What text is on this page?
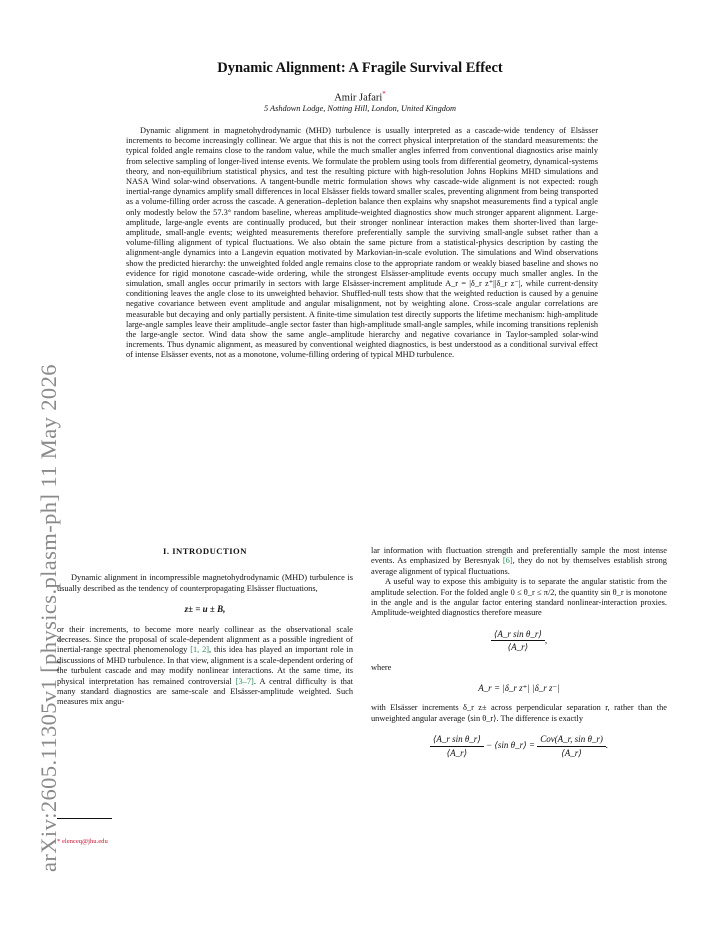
arXiv:2605.11305v1 [physics.plasm-ph] 11 May 2026
Dynamic Alignment: A Fragile Survival Effect
Amir Jafari*
5 Ashdown Lodge, Notting Hill, London, United Kingdom

Dynamic alignment in magnetohydrodynamic (MHD) turbulence is usually interpreted as a cascade-wide tendency of Elsässer increments to become increasingly collinear. We argue that this is not the correct physical interpretation of the standard measurements: the typical folded angle remains close to the random value, while the much smaller angles inferred from conventional diagnostics arise mainly from selective sampling of longer-lived intense events. We formulate the problem using tools from differential geometry, dynamical-systems theory, and non-equilibrium statistical physics, and test the resulting picture with high-resolution Johns Hopkins MHD simulations and NASA Wind solar-wind observations. A tangent-bundle metric formulation shows why cascade-wide alignment is not expected: rough inertial-range dynamics amplify small differences in local Elsässer fields toward smaller scales, preventing alignment from being transported as a volume-filling order across the cascade. A generation–depletion balance then explains why snapshot measurements find a typical angle only modestly below the 57.3° random baseline, whereas amplitude-weighted diagnostics show much stronger apparent alignment. Large-amplitude, large-angle events are continually produced, but their stronger nonlinear interaction makes them shorter-lived than large-amplitude, small-angle events; weighted measurements therefore preferentially sample the surviving small-angle subset rather than a volume-filling alignment of typical fluctuations. We also obtain the same picture from a statistical-physics description by casting the alignment-angle dynamics into a Langevin equation motivated by Markovian-in-scale evolution. The simulations and Wind observations show the predicted hierarchy: the unweighted folded angle remains close to the appropriate random or weakly biased baseline and shows no evidence for rigid monotone cascade-wide ordering, while the strongest Elsässer-amplitude events occupy much smaller angles. In the simulation, small angles occur primarily in sectors with large Elsässer-increment amplitude A_r = |δ_r z⁺||δ_r z⁻|, while current-density conditioning leaves the angle close to its unweighted behavior. Shuffled-null tests show that the weighted reduction is caused by a genuine negative covariance between event amplitude and angular misalignment, not by weighting alone. Cross-scale angular correlations are measurable but decaying and only partially persistent. A finite-time simulation test directly supports the lifetime mechanism: high-amplitude large-angle samples leave their amplitude–angle sector faster than high-amplitude small-angle samples, while incoming transitions replenish the large-angle sector. Wind data show the same angle–amplitude hierarchy and negative covariance in Taylor-sampled solar-wind increments. Thus dynamic alignment, as measured by conventional weighted diagnostics, is best understood as a conditional survival effect of intense Elsässer events, not as a monotone, volume-filling ordering of typical MHD turbulence.

I. INTRODUCTION

Dynamic alignment in incompressible magnetohydrodynamic (MHD) turbulence is usually described as the tendency of counterpropagating Elsässer fluctuations,

z± = u ± B,

or their increments, to become more nearly collinear as the observational scale decreases. Since the proposal of scale-dependent alignment as a possible ingredient of inertial-range spectral phenomenology [1, 2], this idea has played an important role in discussions of MHD turbulence. In that view, alignment is a scale-dependent ordering of the turbulent cascade and may modify nonlinear interactions. At the same time, its physical interpretation has remained controversial [3–7]. A central difficulty is that many standard diagnostics are same-scale and Elsässer-amplitude weighted. Such measures mix angu-

lar information with fluctuation strength and preferentially sample the most intense events. As emphasized by Beresnyak [6], they do not by themselves establish strong average alignment of typical fluctuations.

A useful way to expose this ambiguity is to separate the angular statistic from the amplitude selection. For the folded angle 0 ≤ θ_r ≤ π/2, the quantity sin θ_r is monotone in the angle and is the angular factor entering standard nonlinear-interaction proxies. Amplitude-weighted diagnostics therefore measure

$\frac{\text{⟨A\_r sin θ\_r⟩}}{⟨A\_r⟩}$ ,

where

A_r = |δ_r z⁺| |δ_r z⁻|

with Elsässer increments δ_r z± across perpendicular separation r, rather than the unweighted angular average ⟨sin θ_r⟩. The difference is exactly

$\frac{\text{⟨A\_r sin θ\_r⟩}}{⟨A\_r⟩}$ − ⟨sin θ_r⟩ = $\frac{\text{Cov(A\_r, sin θ\_r)}}{⟨A\_r⟩}$ .
* elenceq@jhu.edu
